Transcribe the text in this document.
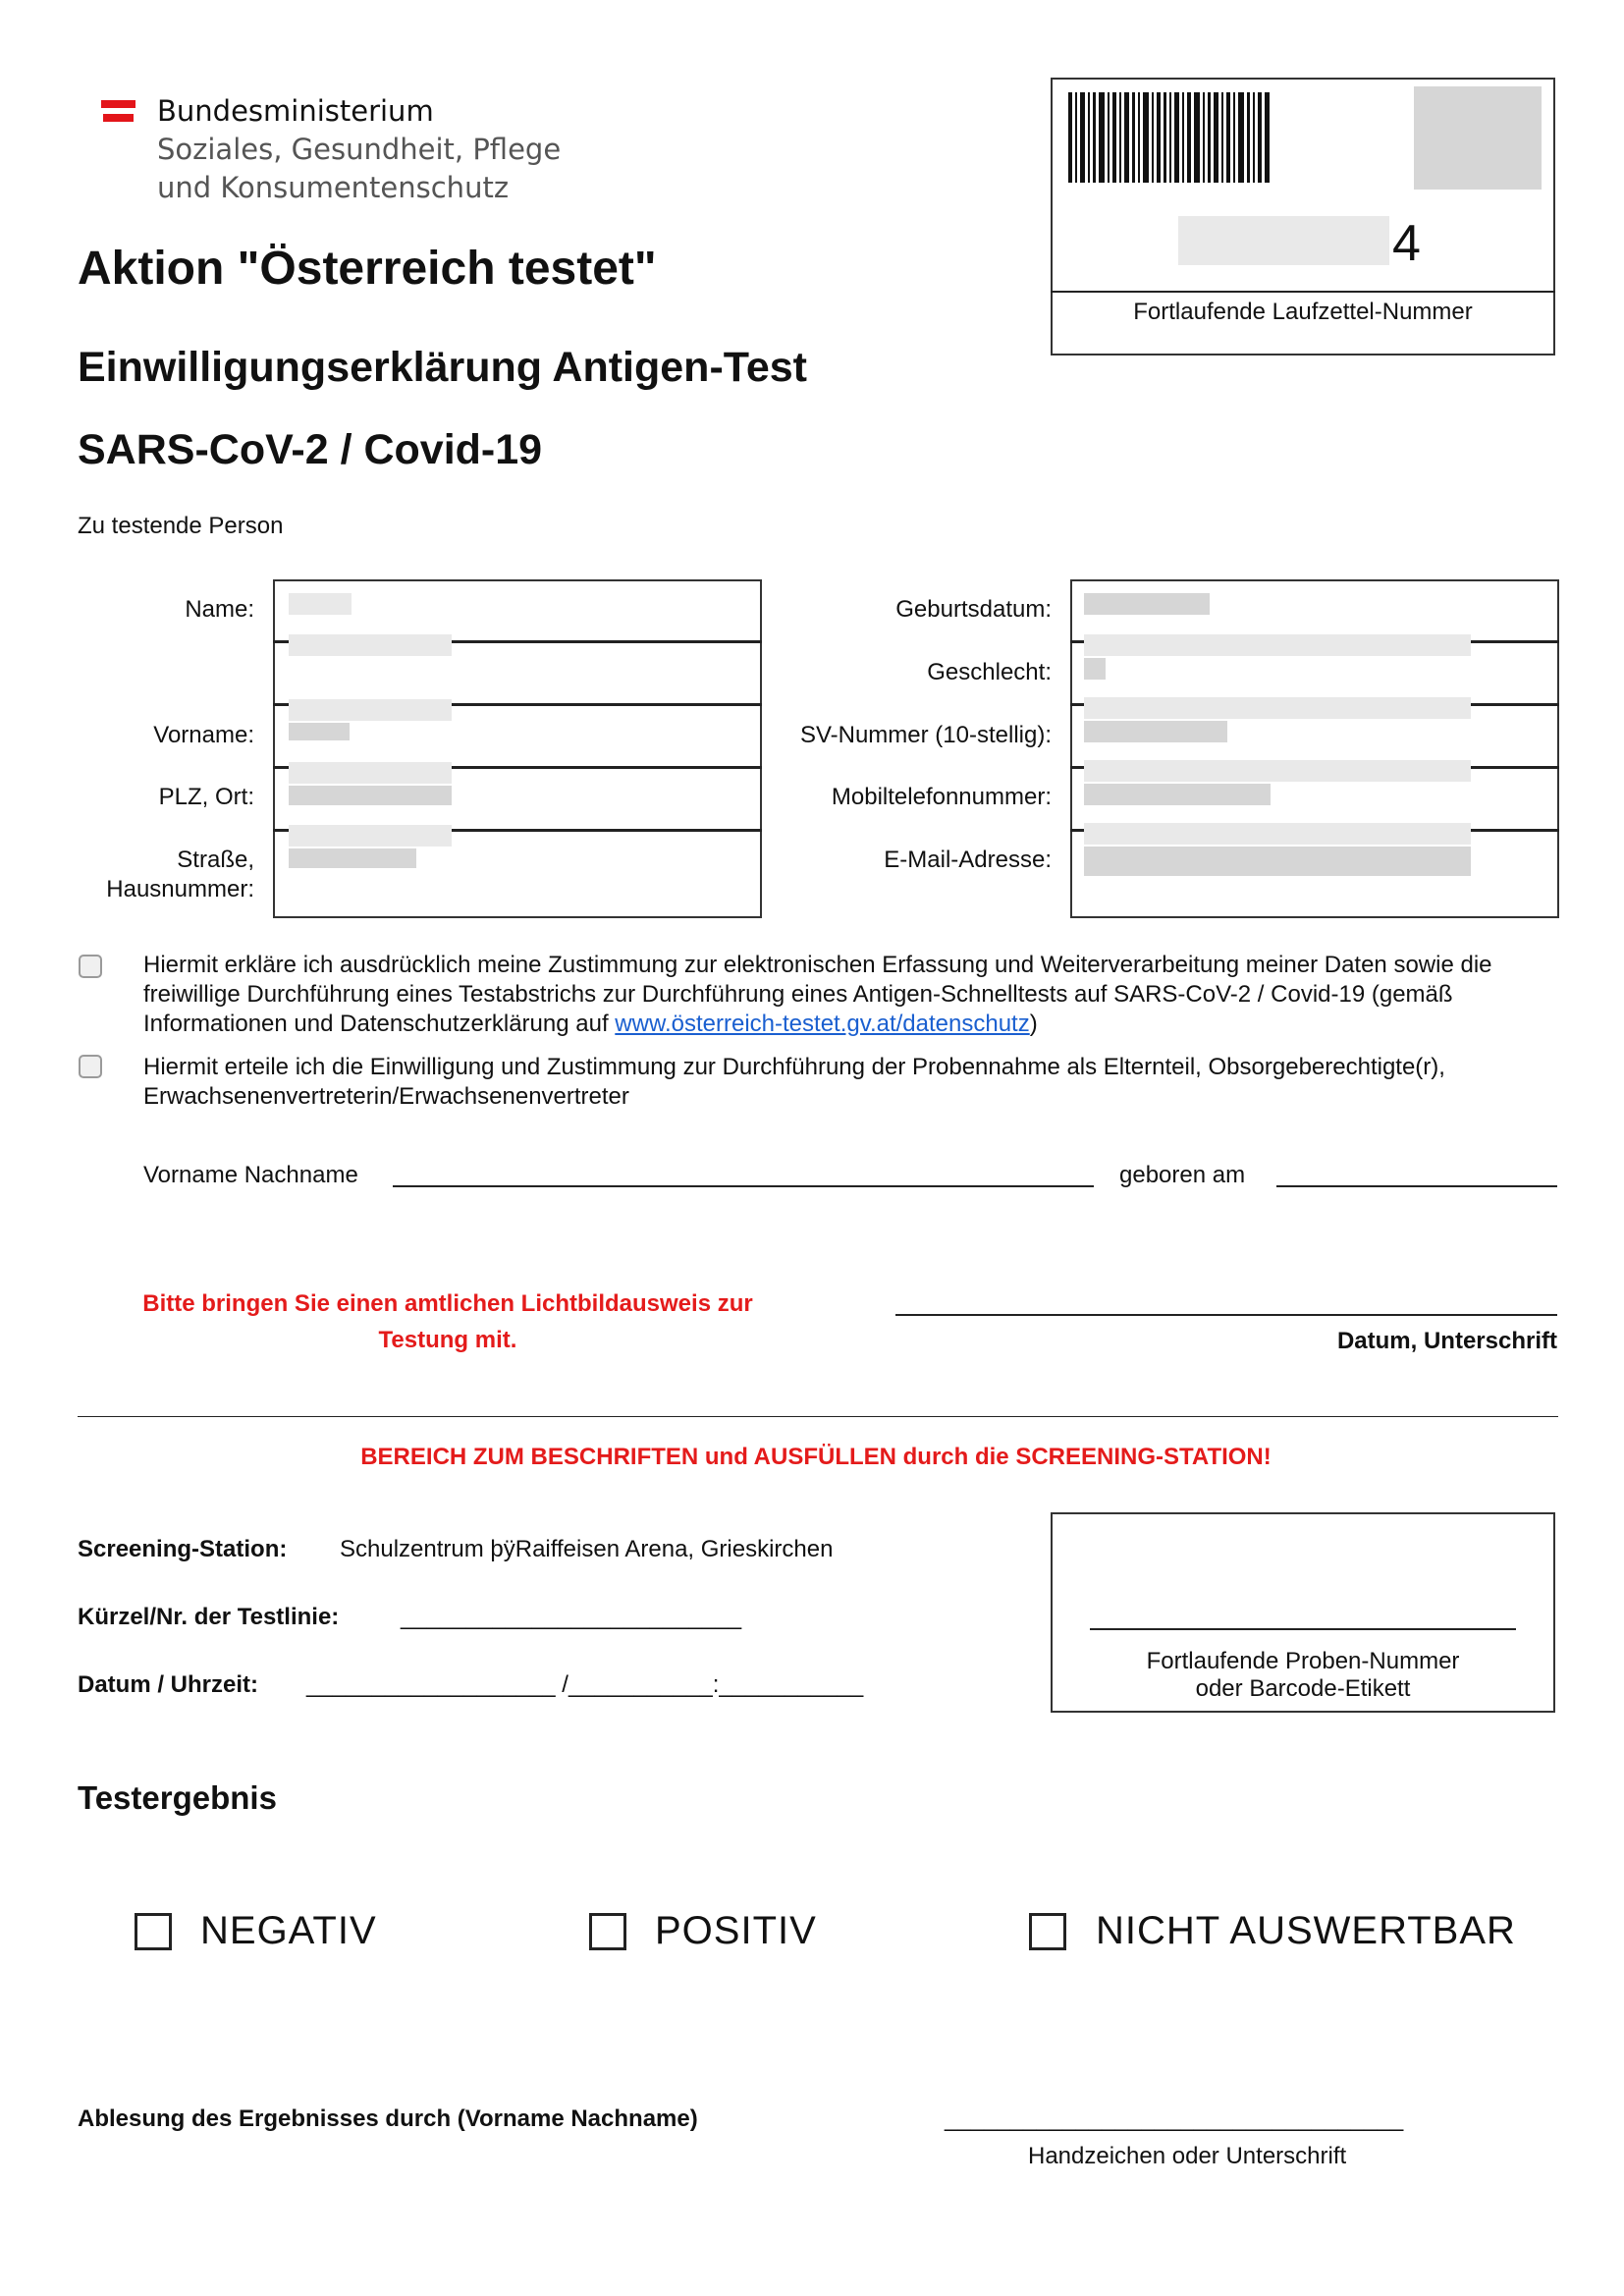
Bundesministerium
Soziales, Gesundheit, Pflege
und Konsumentenschutz
Aktion "Österreich testet"
Einwilligungserklärung Antigen-Test
SARS-CoV-2 / Covid-19
4
Fortlaufende Laufzettel-Nummer
Zu testende Person
Name:
Vorname:
PLZ, Ort:
Straße,
Hausnummer:
Geburtsdatum:
Geschlecht:
SV-Nummer (10-stellig):
Mobiltelefonnummer:
E-Mail-Adresse:
Hiermit erkläre ich ausdrücklich meine Zustimmung zur elektronischen Erfassung und Weiterverarbeitung meiner Daten sowie die freiwillige Durchführung eines Testabstrichs zur Durchführung eines Antigen-Schnelltests auf SARS-CoV-2 / Covid-19 (gemäß Informationen und Datenschutzerklärung auf www.österreich-testet.gv.at/datenschutz)
Hiermit erteile ich die Einwilligung und Zustimmung zur Durchführung der Probennahme als Elternteil, Obsorgeberechtigte(r), Erwachsenenvertreterin/Erwachsenenvertreter
Vorname Nachname	geboren am
Bitte bringen Sie einen amtlichen Lichtbildausweis zur
Testung mit.	Datum, Unterschrift
BEREICH ZUM BESCHRIFTEN und AUSFÜLLEN durch die SCREENING-STATION!
Screening-Station: Schulzentrum þÿRaiffeisen Arena, Grieskirchen
Kürzel/Nr. der Testlinie:	__________________________
Datum / Uhrzeit: ___________________ /___________:___________
Fortlaufende Proben-Nummer
oder Barcode-Etikett
Testergebnis
NEGATIV	POSITIV	NICHT AUSWERTBAR
Ablesung des Ergebnisses durch (Vorname Nachname)	___________________________________
Handzeichen oder Unterschrift
